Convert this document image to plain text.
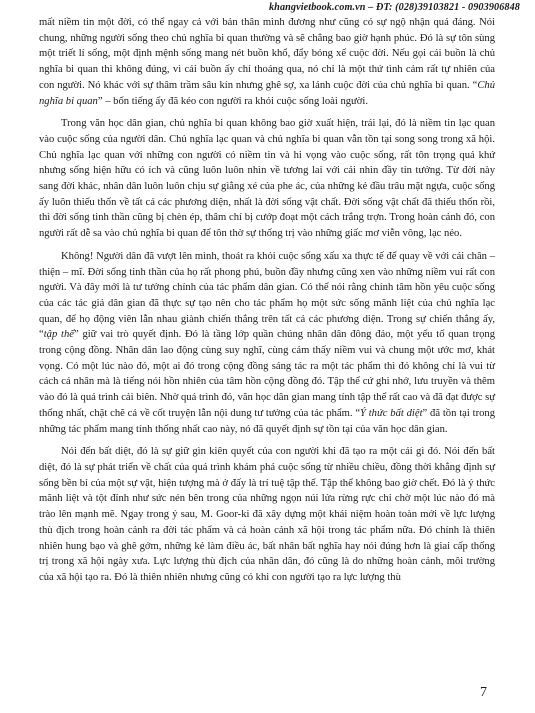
khangvietbook.com.vn – ĐT: (028)39103821 - 0903906848

mất niềm tin một đời, có thể ngay cả với bản thân mình đương như cũng có sự ngộ nhận quá đáng. Nói chung, những người sống theo chủ nghĩa bi quan thường và sẽ chẳng bao giờ hạnh phúc. Đó là sự tôn sùng một triết lí sống, một định mệnh sống mang nét buồn khổ, đẩy bóng xế cuộc đời. Nếu gọi cái buồn là chủ nghĩa bi quan thì không đúng, vì cái buồn ấy chỉ thoáng qua, nó chỉ là một thứ tình cảm rất tự nhiên của con người. Nó khác với sự thâm trầm sâu kín nhưng ghê sợ, xa lánh cuộc đời của chủ nghĩa bi quan. “Chủ nghĩa bi quan” – bốn tiếng ấy đã kéo con người ra khỏi cuộc sống loài người.

Trong văn học dân gian, chủ nghĩa bi quan không bao giờ xuất hiện, trái lại, đó là niềm tin lạc quan vào cuộc sống của người dân. Chủ nghĩa lạc quan và chủ nghĩa bi quan vẫn tồn tại song song trong xã hội. Chủ nghĩa lạc quan với những con người có niềm tin và hi vọng vào cuộc sống, rất tôn trọng quá khứ nhưng sống hiện hữu có ích và cũng luôn luôn nhìn về tương lai với cái nhìn đầy tin tưởng. Từ đời này sang đời khác, nhân dân luôn luôn chịu sự gìằng xé của phe ác, của những kẻ đầu trâu mặt ngựa, cuộc sống ấy luôn thiếu thốn về tất cả các phương diện, nhất là đời sống vật chất. Đời sống vật chất đã thiếu thốn rồi, thì đời sống tinh thần cũng bị chèn ép, thâm chí bị cướp đoạt một cách trắng trợn. Trong hoàn cảnh đó, con người rất dễ sa vào chủ nghĩa bi quan để tôn thờ sự thống trị vào những giấc mơ viễn vông, lạc nẻo.

Không! Người dân đã vượt lên mình, thoát ra khỏi cuộc sống xấu xa thực tế để quay về với cái chân – thiện – mĩ. Đời sống tinh thần của họ rất phong phú, buồn đầy nhưng cũng xen vào những niềm vui rất con người. Và đây mới là tư tưởng chính của tác phẩm dân gian. Có thể nói rằng chính tâm hồn yêu cuộc sống của các tác giả dân gian đã thực sự tạo nên cho tác phẩm họ một sức sống mãnh liệt của chủ nghĩa lạc quan, để họ động viên lẫn nhau giành chiến thắng trên tất cả các phương diện. Trong sự chiến thắng ấy, “tập thể” giữ vai trò quyết định. Đó là tầng lớp quần chúng nhân dân đông đảo, một yếu tố quan trọng trong cộng đồng. Nhân dân lao động cùng suy nghĩ, cùng cảm thấy niềm vui và chung một ước mơ, khát vọng. Có một lúc nào đó, một ai đó trong cộng đồng sáng tác ra một tác phẩm thì đó không chỉ là vui từ cách cá nhân mà là tiếng nói hồn nhiên của tâm hồn cộng đồng đó. Tập thể cứ ghi nhớ, lưu truyền và thêm vào đó là quá trình cải biên. Nhờ quá trình đó, văn học dân gian mang tính tập thể rất cao và đã đạt được sự thống nhất, chặt chẽ cả về cốt truyện lẫn nội dung tư tưởng của tác phẩm. “Ý thức bất diệt” đã tồn tại trong những tác phẩm mang tính thống nhất cao này, nó đã quyết định sự tồn tại của văn học dân gian.

Nói đến bất diệt, đó là sự giữ gìn kiên quyết của con người khi đã tạo ra một cái gì đó. Nói đến bất diệt, đó là sự phát triển về chất của quá trình khám phá cuộc sống từ nhiều chiều, đồng thời khẳng định sự sống bền bỉ của một sự vật, hiện tượng mà ở đấy là trí tuệ tập thể. Tập thể không bao giờ chết. Đó là ý thức mãnh liệt và tột đỉnh như sức nén bên trong của những ngọn núi lửa rừng rực chỉ chờ một lúc nào đó mà trào lên mạnh mẽ. Ngay trong ý sau, M. Goor-ki đã xây dựng một khái niệm hoàn toàn mới về lực lượng thù địch trong hoàn cảnh ra đời tác phẩm và cả hoàn cảnh xã hội trong tác phẩm nữa. Đó chính là thiên nhiên hung bạo và ghê gớm, những kẻ làm điều ác, bất nhân bất nghĩa hay nói đúng hơn là giai cấp thống trị trong xã hội ngày xưa. Lực lượng thù địch của nhân dân, đó cũng là do những hoàn cảnh, môi trường của xã hội tạo ra. Đó là thiên nhiên nhưng cũng có khi con người tạo ra lực lượng thù

7
